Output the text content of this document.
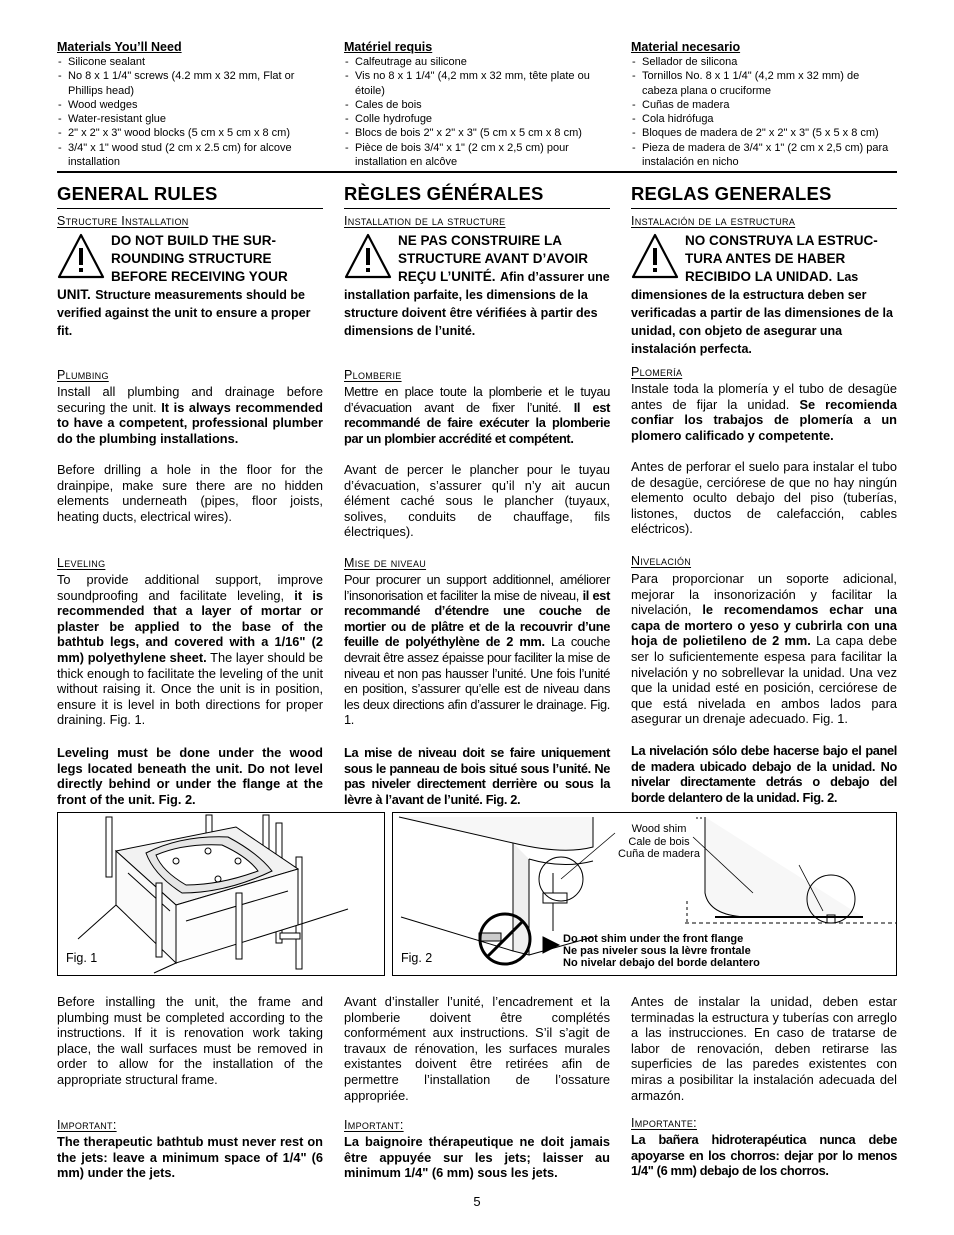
Materials You’ll Need
- Silicone sealant
- No 8 x 1 1/4" screws (4.2 mm x 32 mm, Flat or Phillips head)
- Wood wedges
- Water-resistant glue
- 2" x 2" x 3" wood blocks (5 cm x 5 cm x 8 cm)
- 3/4" x 1" wood stud (2 cm x 2.5 cm) for alcove installation
Matériel requis
- Calfeutrage au silicone
- Vis no 8 x 1 1/4" (4,2 mm x 32 mm, tête plate ou étoile)
- Cales de bois
- Colle hydrofuge
- Blocs de bois 2" x 2" x 3" (5 cm x 5 cm x 8 cm)
- Pièce de bois 3/4" x 1" (2 cm x 2,5 cm) pour installation en alcôve
Material necesario
- Sellador de silicona
- Tornillos No. 8 x 1 1/4" (4,2 mm x 32 mm) de cabeza plana o cruciforme
- Cuñas de madera
- Cola hidrófuga
- Bloques de madera de 2" x 2" x 3" (5 x 5 x 8 cm)
- Pieza de madera de 3/4" x 1" (2 cm x 2,5 cm) para instalación en nicho
GENERAL RULES
Structure Installation
DO NOT BUILD THE SUR-ROUNDING STRUCTURE BEFORE RECEIVING YOUR UNIT. Structure measurements should be verified against the unit to ensure a proper fit.
Plumbing
Install all plumbing and drainage before securing the unit. It is always recommended to have a competent, professional plumber do the plumbing installations.
Before drilling a hole in the floor for the drainpipe, make sure there are no hidden elements underneath (pipes, floor joists, heating ducts, electrical wires).
Leveling
To provide additional support, improve soundproofing and facilitate leveling, it is recommended that a layer of mortar or plaster be applied to the base of the bathtub legs, and covered with a 1/16" (2 mm) polyethylene sheet. The layer should be thick enough to facilitate the leveling of the unit without raising it. Once the unit is in position, ensure it is level in both directions for proper draining. Fig. 1.
Leveling must be done under the wood legs located beneath the unit. Do not level directly behind or under the flange at the front of the unit. Fig. 2.
RÈGLES GÉNÉRALES
Installation de la structure
NE PAS CONSTRUIRE LA STRUCTURE AVANT D’AVOIR REÇU L’UNITÉ. Afin d’assurer une installation parfaite, les dimensions de la structure doivent être vérifiées à partir des dimensions de l’unité.
Plomberie
Mettre en place toute la plomberie et le tuyau d’évacuation avant de fixer l’unité. Il est recommandé de faire exécuter la plomberie par un plombier accrédité et compétent.
Avant de percer le plancher pour le tuyau d’évacuation, s’assurer qu’il n’y ait aucun élément caché sous le plancher (tuyaux, solives, conduits de chauffage, fils électriques).
Mise de niveau
Pour procurer un support additionnel, améliorer l’insonorisation et faciliter la mise de niveau, il est recommandé d’étendre une couche de mortier ou de plâtre et de la recouvrir d’une feuille de polyéthylène de 2 mm. La couche devrait être assez épaisse pour faciliter la mise de niveau et non pas hausser l’unité. Une fois l’unité en position, s’assurer qu’elle est de niveau dans les deux directions afin d’assurer le drainage. Fig. 1.
La mise de niveau doit se faire uniquement sous le panneau de bois situé sous l’unité. Ne pas niveler directement derrière ou sous la lèvre à l’avant de l’unité. Fig. 2.
REGLAS GENERALES
Instalación de la estructura
NO CONSTRUYA LA ESTRUC-TURA ANTES DE HABER RECIBIDO LA UNIDAD. Las dimensiones de la estructura deben ser verificadas a partir de las dimensiones de la unidad, con objeto de asegurar una instalación perfecta.
Plomería
Instale toda la plomería y el tubo de desagüe antes de fijar la unidad. Se recomienda confiar los trabajos de plomería a un plomero calificado y competente.
Antes de perforar el suelo para instalar el tubo de desagüe, cerciórese de que no hay ningún elemento oculto debajo del piso (tuberías, listones, ductos de calefacción, cables eléctricos).
Nivelación
Para proporcionar un soporte adicional, mejorar la insonorización y facilitar la nivelación, le recomendamos echar una capa de mortero o yeso y cubrirla con una hoja de polietileno de 2 mm. La capa debe ser lo suficientemente espesa para facilitar la nivelación y no sobrellevar la unidad. Una vez que la unidad esté en posición, cerciórese de que está nivelada en ambos lados para asegurar un drenaje adecuado. Fig. 1.
La nivelación sólo debe hacerse bajo el panel de madera ubicado debajo de la unidad. No nivelar directamente detrás o debajo del borde delantero de la unidad. Fig. 2.
Fig. 1
Wood shim
Cale de bois
Cuña de madera
Do not shim under the front flange
Ne pas niveler sous la lèvre frontale
No nivelar debajo del borde delantero
Fig. 2
Before installing the unit, the frame and plumbing must be completed according to the instructions. If it is renovation work taking place, the wall surfaces must be removed in order to allow for the installation of the appropriate structural frame.
Important:
The therapeutic bathtub must never rest on the jets: leave a minimum space of 1/4" (6 mm) under the jets.
Avant d’installer l’unité, l’encadrement et la plomberie doivent être complétés conformément aux instructions. S’il s’agit de travaux de rénovation, les surfaces murales existantes doivent être retirées afin de permettre l’installation de l’ossature appropriée.
Important:
La baignoire thérapeutique ne doit jamais être appuyée sur les jets; laisser au minimum 1/4" (6 mm) sous les jets.
Antes de instalar la unidad, deben estar terminadas la estructura y tuberías con arreglo a las instrucciones. En caso de tratarse de labor de renovación, deben retirarse las superficies de las paredes existentes con miras a posibilitar la instalación adecuada del armazón.
Importante:
La bañera hidroterapéutica nunca debe apoyarse en los chorros: dejar por lo menos 1/4" (6 mm) debajo de los chorros.
5
